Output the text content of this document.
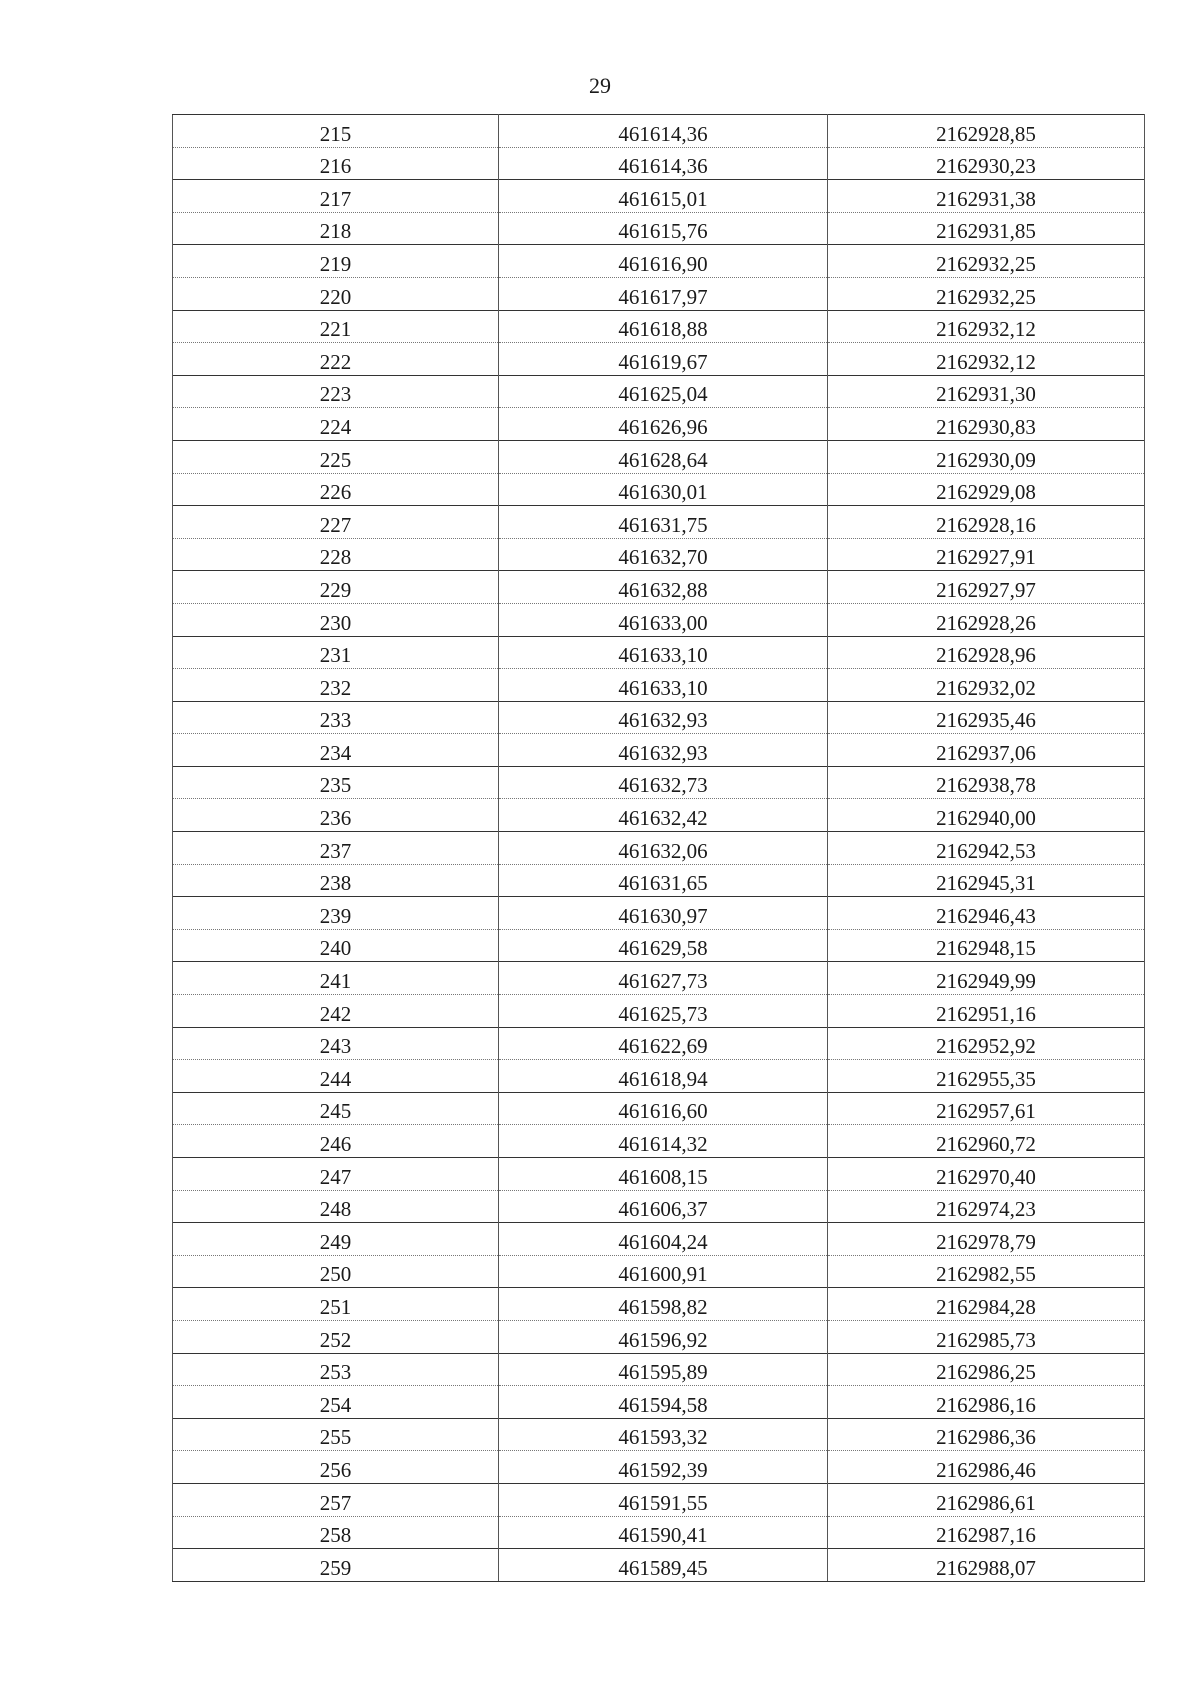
29
215	461614,36	2162928,85
216	461614,36	2162930,23
217	461615,01	2162931,38
218	461615,76	2162931,85
219	461616,90	2162932,25
220	461617,97	2162932,25
221	461618,88	2162932,12
222	461619,67	2162932,12
223	461625,04	2162931,30
224	461626,96	2162930,83
225	461628,64	2162930,09
226	461630,01	2162929,08
227	461631,75	2162928,16
228	461632,70	2162927,91
229	461632,88	2162927,97
230	461633,00	2162928,26
231	461633,10	2162928,96
232	461633,10	2162932,02
233	461632,93	2162935,46
234	461632,93	2162937,06
235	461632,73	2162938,78
236	461632,42	2162940,00
237	461632,06	2162942,53
238	461631,65	2162945,31
239	461630,97	2162946,43
240	461629,58	2162948,15
241	461627,73	2162949,99
242	461625,73	2162951,16
243	461622,69	2162952,92
244	461618,94	2162955,35
245	461616,60	2162957,61
246	461614,32	2162960,72
247	461608,15	2162970,40
248	461606,37	2162974,23
249	461604,24	2162978,79
250	461600,91	2162982,55
251	461598,82	2162984,28
252	461596,92	2162985,73
253	461595,89	2162986,25
254	461594,58	2162986,16
255	461593,32	2162986,36
256	461592,39	2162986,46
257	461591,55	2162986,61
258	461590,41	2162987,16
259	461589,45	2162988,07
